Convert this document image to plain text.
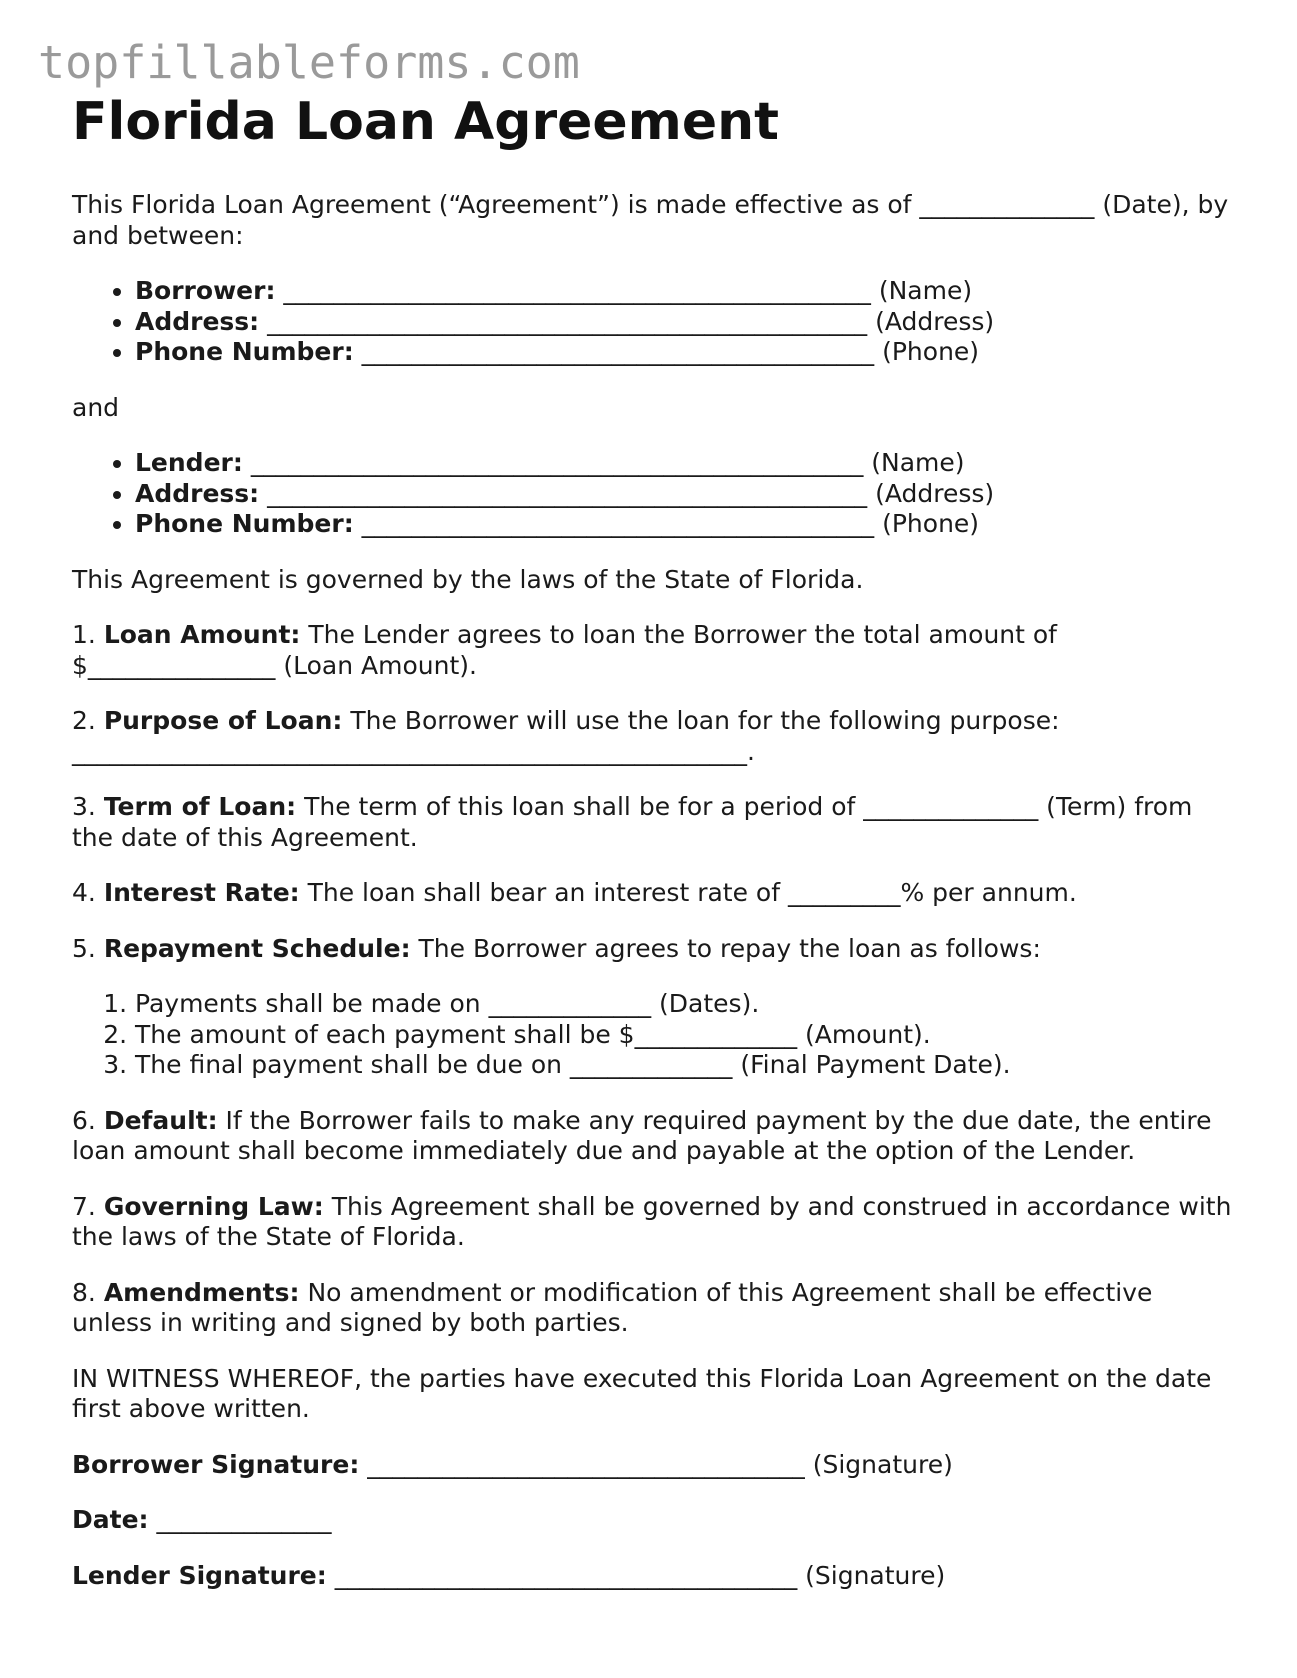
topfillableforms.com
Florida Loan Agreement

This Florida Loan Agreement (“Agreement”) is made effective as of ______________ (Date), by and between:

• Borrower: _______________________________________________ (Name)
• Address: ________________________________________________ (Address)
• Phone Number: _________________________________________ (Phone)

and

• Lender: _________________________________________________ (Name)
• Address: ________________________________________________ (Address)
• Phone Number: _________________________________________ (Phone)

This Agreement is governed by the laws of the State of Florida.

1. Loan Amount: The Lender agrees to loan the Borrower the total amount of $_______________ (Loan Amount).

2. Purpose of Loan: The Borrower will use the loan for the following purpose: ______________________________________________________.

3. Term of Loan: The term of this loan shall be for a period of ______________ (Term) from the date of this Agreement.

4. Interest Rate: The loan shall bear an interest rate of _________% per annum.

5. Repayment Schedule: The Borrower agrees to repay the loan as follows:

1. Payments shall be made on _____________ (Dates).
2. The amount of each payment shall be $_____________ (Amount).
3. The final payment shall be due on _____________ (Final Payment Date).

6. Default: If the Borrower fails to make any required payment by the due date, the entire loan amount shall become immediately due and payable at the option of the Lender.

7. Governing Law: This Agreement shall be governed by and construed in accordance with the laws of the State of Florida.

8. Amendments: No amendment or modification of this Agreement shall be effective unless in writing and signed by both parties.

IN WITNESS WHEREOF, the parties have executed this Florida Loan Agreement on the date first above written.

Borrower Signature: ___________________________________ (Signature)

Date: ______________

Lender Signature: _____________________________________ (Signature)
